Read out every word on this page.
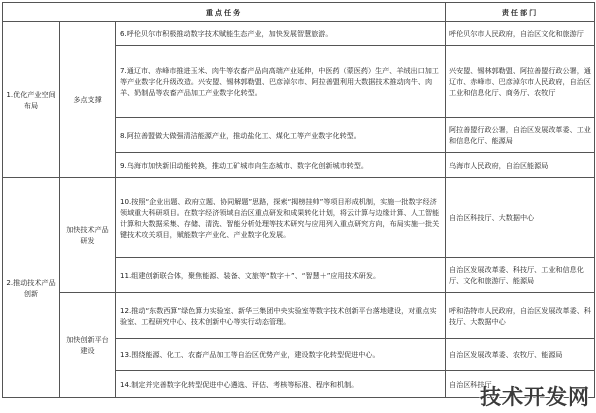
重点任务			责任部门
1.优化产业空间布局	多点支撑	6.呼伦贝尔市积极推动数字技术赋能生态产业，加快发展智慧旅游。	呼伦贝尔市人民政府，自治区文化和旅游厅
		7.通辽市、赤峰市推进玉米、肉牛等农畜产品向高端产业延伸，中医药（蒙医药）生产、羊绒出口加工等产业数字化升级改造。兴安盟、锡林郭勒盟、巴彦淖尔市、阿拉善盟利用大数据技术推动肉牛、肉羊、奶制品等农畜产品加工产业数字化转型。	兴安盟、锡林郭勒盟、阿拉善盟行政公署，通辽市、赤峰市、巴彦淖尔市人民政府，自治区工业和信息化厅、商务厅、农牧厅
		8.阿拉善盟做大做强清洁能源产业，推动盐化工、煤化工等产业数字化转型。	阿拉善盟行政公署，自治区发展改革委、工业和信息化厅、能源局
		9.乌海市加快新旧动能转换，推动工矿城市向生态城市、数字化创新城市转型。	乌海市人民政府，自治区能源局
2.推动技术产品创新	加快技术产品研发	10.按照“企业出题、政府立题、协同解题”思路，探索“揭榜挂帅”等项目形成机制，实施一批数字经济领域重大科研项目。在数字经济领域自治区重点研发和成果转化计划，将云计算与边缘计算、人工智能计算和大数据采集、存储、清洗、智能分析处理等技术研究与应用列入重点研究方向，布局实施一批关键技术攻关项目，赋能数字产业化、产业数字化发展。	自治区科技厅、大数据中心
		11.组建创新联合体，聚焦能源、装备、文旅等“数字＋”、“智慧＋”应用技术研发。	自治区发展改革委、科技厅、工业和信息化厅、文化和旅游厅、能源局
	加快创新平台建设	12.推动“东数西算”绿色算力实验室、新华三集团中央实验室等数字技术创新平台落地建设，对重点实验室、工程研究中心、技术创新中心等实行动态管理。	呼和浩特市人民政府，自治区发展改革委、科技厅、大数据中心
		13.围绕能源、化工、农畜产品加工等自治区优势产业，建设数字化转型促进中心。	自治区发展改革委、农牧厅、能源局
		14.制定并完善数字化转型促进中心遴选、评估、考核等标准、程序和机制。	自治区科技厅
技术开发网
